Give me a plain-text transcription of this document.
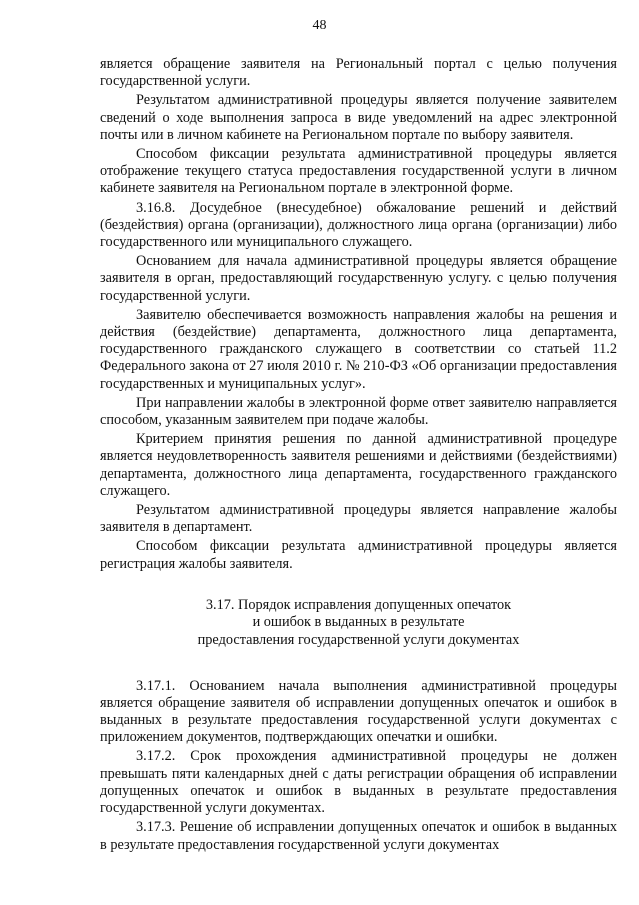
48

является обращение заявителя на Региональный портал с целью получения государственной услуги.

Результатом административной процедуры является получение заявителем сведений о ходе выполнения запроса в виде уведомлений на адрес электронной почты или в личном кабинете на Региональном портале по выбору заявителя.

Способом фиксации результата административной процедуры является отображение текущего статуса предоставления государственной услуги в личном кабинете заявителя на Региональном портале в электронной форме.

3.16.8. Досудебное (внесудебное) обжалование решений и действий (бездействия) органа (организации), должностного лица органа (организации) либо государственного или муниципального служащего.

Основанием для начала административной процедуры является обращение заявителя в орган, предоставляющий государственную услугу. с целью получения государственной услуги.

Заявителю обеспечивается возможность направления жалобы на решения и действия (бездействие) департамента, должностного лица департамента, государственного гражданского служащего в соответствии со статьей 11.2 Федерального закона от 27 июля 2010 г. № 210-ФЗ «Об организации предоставления государственных и муниципальных услуг».

При направлении жалобы в электронной форме ответ заявителю направляется способом, указанным заявителем при подаче жалобы.

Критерием принятия решения по данной административной процедуре является неудовлетворенность заявителя решениями и действиями (бездействиями) департамента, должностного лица департамента, государственного гражданского служащего.

Результатом административной процедуры является направление жалобы заявителя в департамент.

Способом фиксации результата административной процедуры является регистрация жалобы заявителя.

3.17. Порядок исправления допущенных опечаток
и ошибок в выданных в результате
предоставления государственной услуги документах

3.17.1. Основанием начала выполнения административной процедуры является обращение заявителя об исправлении допущенных опечаток и ошибок в выданных в результате предоставления государственной услуги документах с приложением документов, подтверждающих опечатки и ошибки.

3.17.2. Срок прохождения административной процедуры не должен превышать пяти календарных дней с даты регистрации обращения об исправлении допущенных опечаток и ошибок в выданных в результате предоставления государственной услуги документах.

3.17.3. Решение об исправлении допущенных опечаток и ошибок в выданных в результате предоставления государственной услуги документах
